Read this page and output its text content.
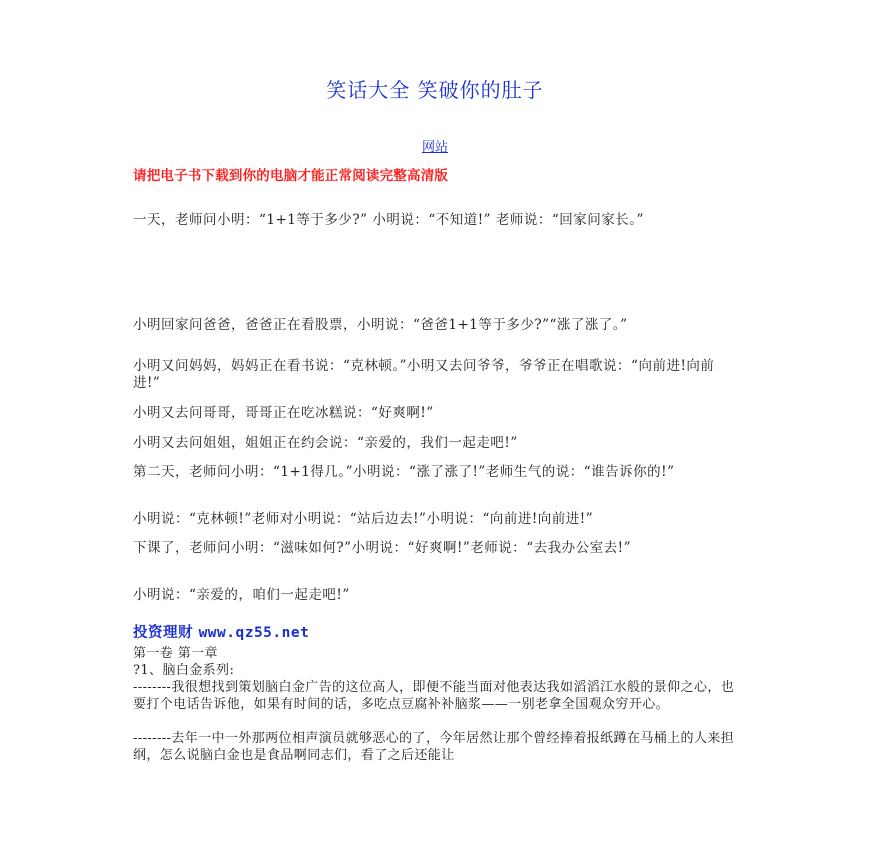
笑话大全 笑破你的肚子
网站
请把电子书下载到你的电脑才能正常阅读完整高清版
一天，老师问小明：“1+1等于多少?” 小明说：“不知道!” 老师说：“回家问家长。”
小明回家问爸爸，爸爸正在看股票，小明说：“爸爸1+1等于多少?”“涨了涨了。”
小明又问妈妈，妈妈正在看书说：“克林顿。”小明又去问爷爷，爷爷正在唱歌说：“向前进!向前进!”
小明又去问哥哥，哥哥正在吃冰糕说：“好爽啊!”
小明又去问姐姐，姐姐正在约会说：“亲爱的，我们一起走吧!”
第二天，老师问小明：“1+1得几。”小明说：“涨了涨了!”老师生气的说：“谁告诉你的!”
小明说：“克林顿!”老师对小明说：“站后边去!”小明说：“向前进!向前进!”
下课了，老师问小明：“滋味如何?”小明说：“好爽啊!”老师说：“去我办公室去!”
小明说：“亲爱的，咱们一起走吧!”
投资理财 www.qz55.net
第一卷 第一章
?1、脑白金系列:
--------我很想找到策划脑白金广告的这位高人，即便不能当面对他表达我如滔滔江水般的景仰之心，也要打个电话告诉他，如果有时间的话，多吃点豆腐补补脑浆——一别老拿全国观众穷开心。
--------去年一中一外那两位相声演员就够恶心的了，今年居然让那个曾经捧着报纸蹲在马桶上的人来担纲，怎么说脑白金也是食品啊同志们，看了之后还能让
